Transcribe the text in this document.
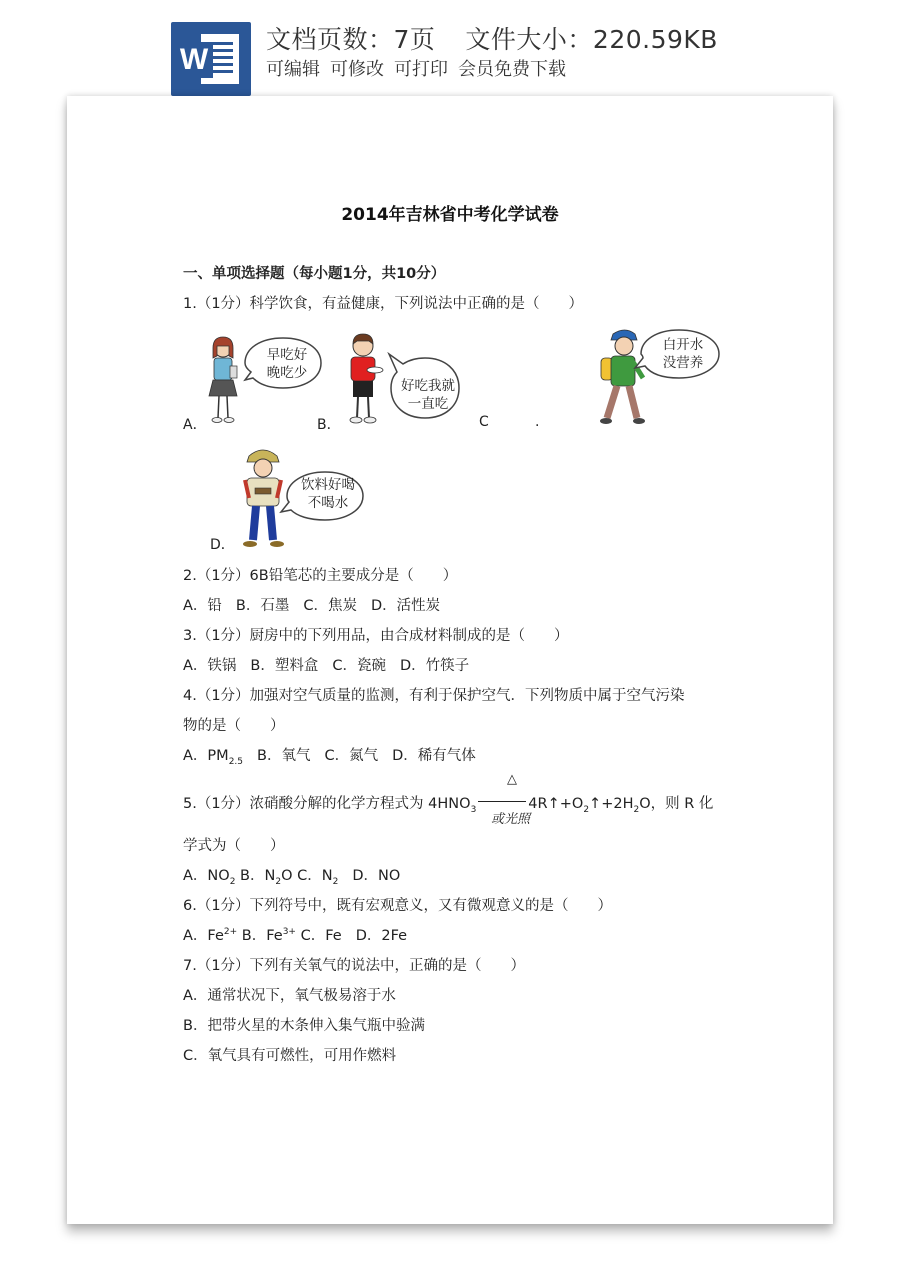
W
文档页数：7页 文件大小：220.59KB
可编辑 可修改 可打印 会员免费下载
2014年吉林省中考化学试卷
一、单项选择题（每小题1分，共10分）
1.（1分）科学饮食，有益健康，下列说法中正确的是（　　）
早吃好
晚吃少
A．
好吃我就
一直吃
B．	C	.
白开水
没营养
饮料好喝
不喝水
D．
2.（1分）6B铅笔芯的主要成分是（　　）
A．铅 B．石墨 C．焦炭 D．活性炭
3.（1分）厨房中的下列用品，由合成材料制成的是（　　）
A．铁锅 B．塑料盒 C．瓷碗 D．竹筷子
4.（1分）加强对空气质量的监测，有利于保护空气．下列物质中属于空气污染
物的是（　　）
A．$PM_{2.5}$ B．氧气 C．氮气 D．稀有气体
5.（1分）浓硝酸分解的化学方程式为 $4HNO_3$	$4R↑+O_2↑+2H_2O$，则 R 化
△
或光照
学式为（　　）
A．$NO_2$ B．$N_2O$ C．$N_2$ D．NO
6.（1分）下列符号中，既有宏观意义，又有微观意义的是（　　）
A．$Fe^{2+}$ B．$Fe^{3+}$ C．Fe D．2Fe
7.（1分）下列有关氧气的说法中，正确的是（　　）
A．通常状况下，氧气极易溶于水
B．把带火星的木条伸入集气瓶中验满
C．氧气具有可燃性，可用作燃料
